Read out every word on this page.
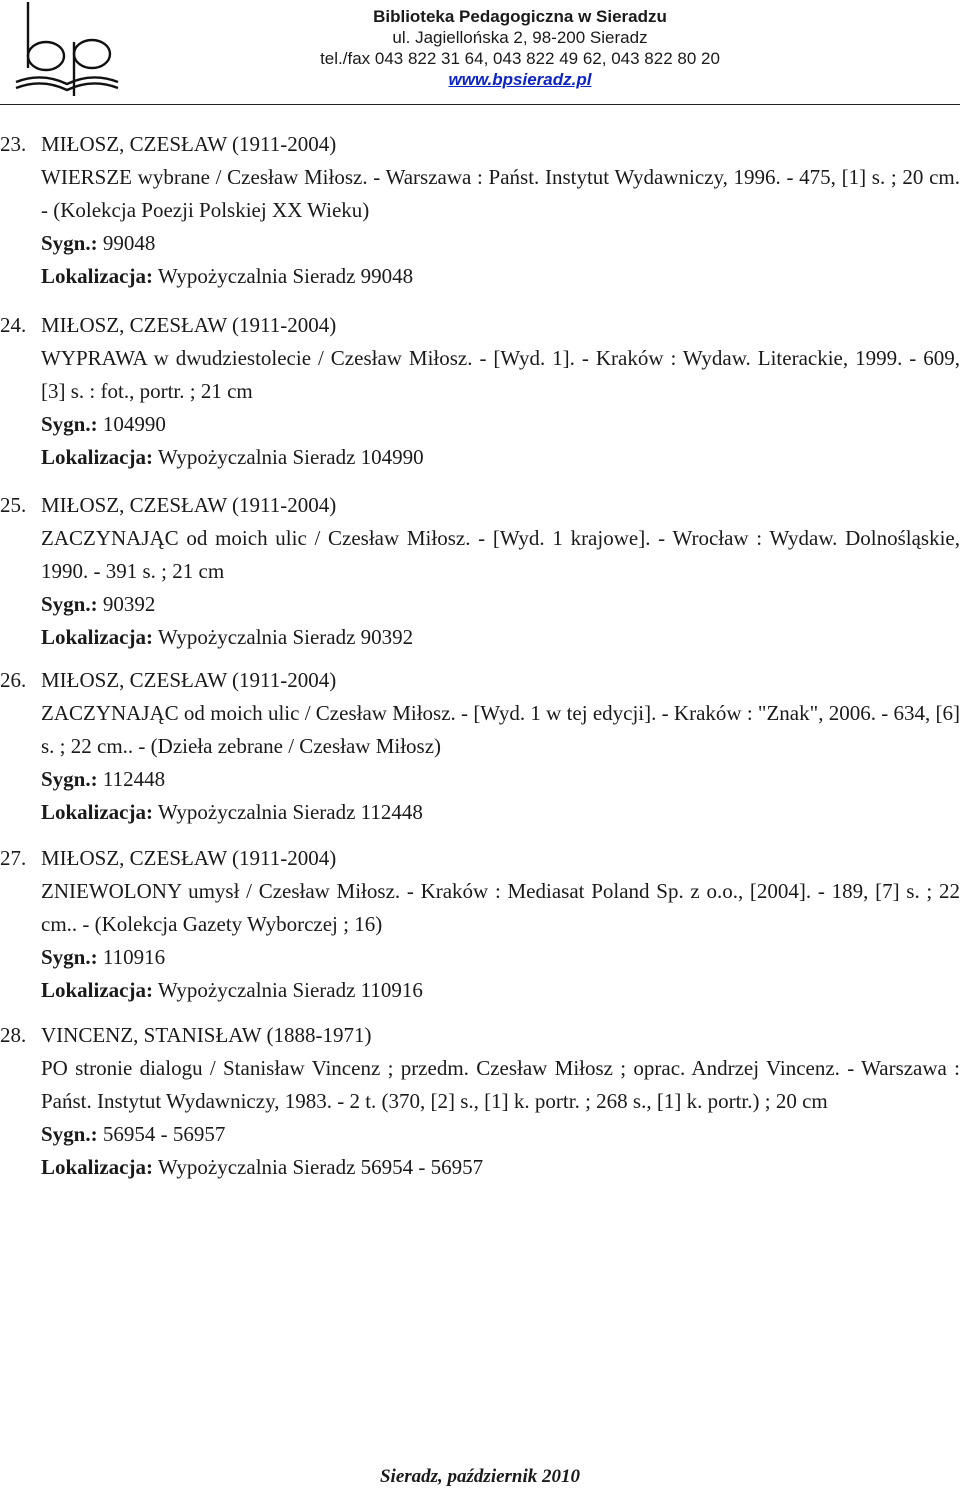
Biblioteka Pedagogiczna w Sieradzu
ul. Jagiellońska 2, 98-200 Sieradz
tel./fax 043 822 31 64, 043 822 49 62, 043 822 80 20
www.bpsieradz.pl
23. MIŁOSZ, CZESŁAW (1911-2004)
WIERSZE wybrane / Czesław Miłosz. - Warszawa : Państ. Instytut Wydawniczy, 1996. - 475, [1] s. ; 20 cm. - (Kolekcja Poezji Polskiej XX Wieku)
Sygn.: 99048
Lokalizacja: Wypożyczalnia Sieradz 99048
24. MIŁOSZ, CZESŁAW (1911-2004)
WYPRAWA w dwudziestolecie / Czesław Miłosz. - [Wyd. 1]. - Kraków : Wydaw. Literackie, 1999. - 609, [3] s. : fot., portr. ; 21 cm
Sygn.: 104990
Lokalizacja: Wypożyczalnia Sieradz 104990
25. MIŁOSZ, CZESŁAW (1911-2004)
ZACZYNAJĄC od moich ulic / Czesław Miłosz. - [Wyd. 1 krajowe]. - Wrocław : Wydaw. Dolnośląskie, 1990. - 391 s. ; 21 cm
Sygn.: 90392
Lokalizacja: Wypożyczalnia Sieradz 90392
26. MIŁOSZ, CZESŁAW (1911-2004)
ZACZYNAJĄC od moich ulic / Czesław Miłosz. - [Wyd. 1 w tej edycji]. - Kraków : "Znak", 2006. - 634, [6] s. ; 22 cm.. - (Dzieła zebrane / Czesław Miłosz)
Sygn.: 112448
Lokalizacja: Wypożyczalnia Sieradz 112448
27. MIŁOSZ, CZESŁAW (1911-2004)
ZNIEWOLONY umysł / Czesław Miłosz. - Kraków : Mediasat Poland Sp. z o.o., [2004]. - 189, [7] s. ; 22 cm.. - (Kolekcja Gazety Wyborczej ; 16)
Sygn.: 110916
Lokalizacja: Wypożyczalnia Sieradz 110916
28. VINCENZ, STANISŁAW (1888-1971)
PO stronie dialogu / Stanisław Vincenz ; przedm. Czesław Miłosz ; oprac. Andrzej Vincenz. - Warszawa : Państ. Instytut Wydawniczy, 1983. - 2 t. (370, [2] s., [1] k. portr. ; 268 s., [1] k. portr.) ; 20 cm
Sygn.: 56954 - 56957
Lokalizacja: Wypożyczalnia Sieradz 56954 - 56957
Sieradz, październik 2010
